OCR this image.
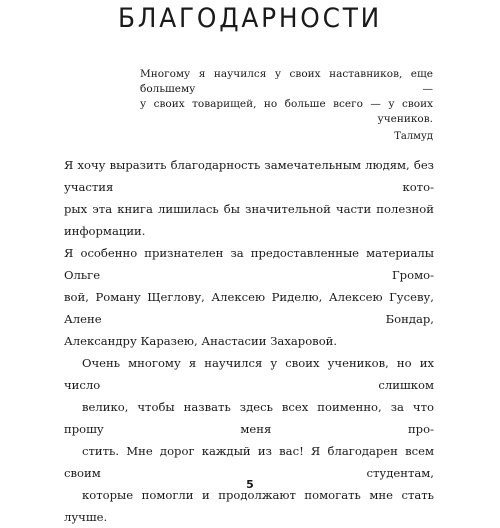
БЛАГОДАРНОСТИ

Многому я научился у своих наставников, еще большему —
у своих товарищей, но больше всего — у своих учеников.

Талмуд

Я хочу выразить благодарность замечательным людям, без участия кото-
рых эта книга лишилась бы значительной части полезной информации.
Я особенно признателен за предоставленные материалы Ольге Громо-
вой, Роману Щеглову, Алексею Риделю, Алексею Гусеву, Алене Бондар,
Александру Каразею, Анастасии Захаровой.

Очень многому я научился у своих учеников, но их число слишком
велико, чтобы назвать здесь всех поименно, за что прошу меня про-
стить. Мне дорог каждый из вас! Я благодарен всем своим студентам,
которые помогли и продолжают помогать мне стать лучше.

5
